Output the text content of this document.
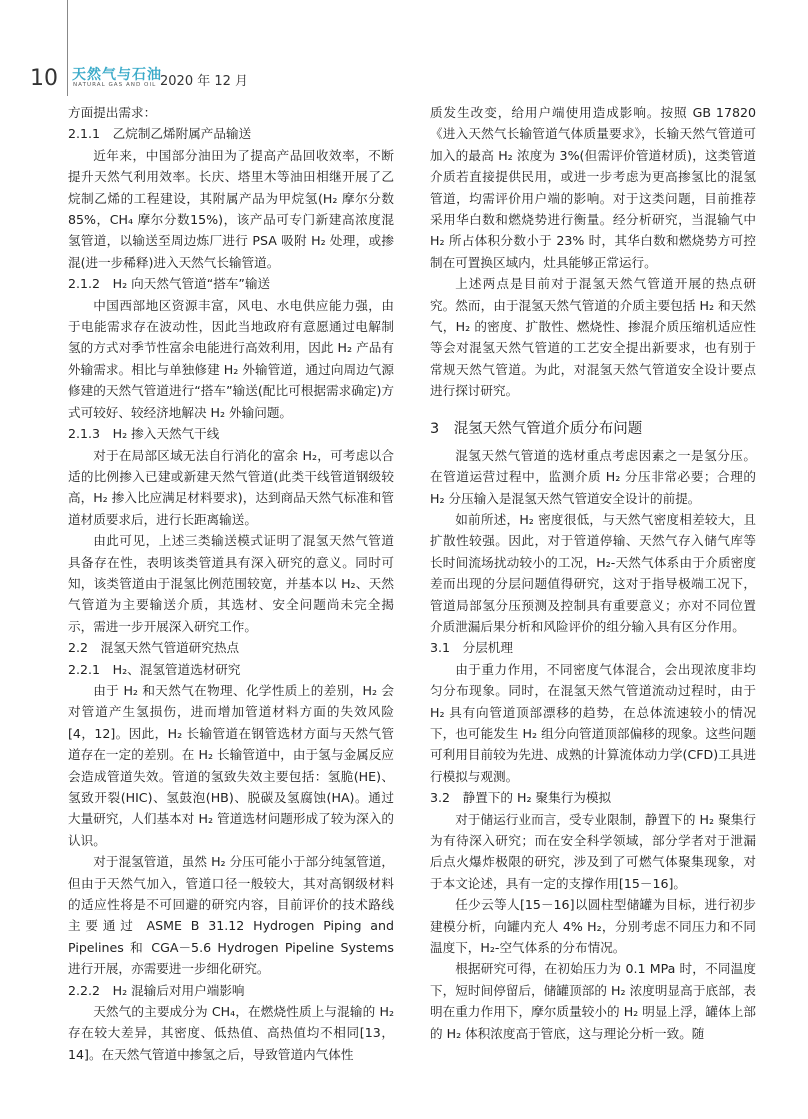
10 天然气与石油
NATURAL GAS AND OIL 2020 年 12 月

方面提出需求：

2.1.1　乙烷制乙烯附属产品输送

近年来，中国部分油田为了提高产品回收效率，不断提升天然气利用效率。长庆、塔里木等油田相继开展了乙烷制乙烯的工程建设，其附属产品为甲烷氢(H₂ 摩尔分数85%，CH₄ 摩尔分数15%)，该产品可专门新建高浓度混氢管道，以输送至周边炼厂进行 PSA 吸附 H₂ 处理，或掺混(进一步稀释)进入天然气长输管道。

2.1.2　H₂ 向天然气管道“搭车”输送

中国西部地区资源丰富，风电、水电供应能力强，由于电能需求存在波动性，因此当地政府有意愿通过电解制氢的方式对季节性富余电能进行高效利用，因此 H₂ 产品有外输需求。相比与单独修建 H₂ 外输管道，通过向周边气源修建的天然气管道进行“搭车”输送(配比可根据需求确定)方式可较好、较经济地解决 H₂ 外输问题。

2.1.3　H₂ 掺入天然气干线

对于在局部区域无法自行消化的富余 H₂，可考虑以合适的比例掺入已建或新建天然气管道(此类干线管道钢级较高，H₂ 掺入比应满足材料要求)，达到商品天然气标准和管道材质要求后，进行长距离输送。

由此可见，上述三类输送模式证明了混氢天然气管道具备存在性，表明该类管道具有深入研究的意义。同时可知，该类管道由于混氢比例范围较宽，并基本以 H₂、天然气管道为主要输送介质，其选材、安全问题尚未完全揭示，需进一步开展深入研究工作。

2.2　混氢天然气管道研究热点
2.2.1　H₂、混氢管道选材研究

由于 H₂ 和天然气在物理、化学性质上的差别，H₂ 会对管道产生氢损伤，进而增加管道材料方面的失效风险[4，12]。因此，H₂ 长输管道在钢管选材方面与天然气管道存在一定的差别。在 H₂ 长输管道中，由于氢与金属反应会造成管道失效。管道的氢致失效主要包括：氢脆(HE)、氢致开裂(HIC)、氢鼓泡(HB)、脱碳及氢腐蚀(HA)。通过大量研究，人们基本对 H₂ 管道选材问题形成了较为深入的认识。

对于混氢管道，虽然 H₂ 分压可能小于部分纯氢管道，但由于天然气加入，管道口径一般较大，其对高钢级材料的适应性将是不可回避的研究内容，目前评价的技术路线主要通过 ASME B 31.12 Hydrogen Piping and Pipelines 和 CGA－5.6 Hydrogen Pipeline Systems 进行开展，亦需要进一步细化研究。

2.2.2　H₂ 混输后对用户端影响

天然气的主要成分为 CH₄，在燃烧性质上与混输的 H₂ 存在较大差异，其密度、低热值、高热值均不相同[13，14]。在天然气管道中掺氢之后，导致管道内气体性

质发生改变，给用户端使用造成影响。按照 GB 17820《进入天然气长输管道气体质量要求》，长输天然气管道可加入的最高 H₂ 浓度为 3%(但需评价管道材质)，这类管道介质若直接提供民用，或进一步考虑为更高掺氢比的混氢管道，均需评价用户端的影响。对于这类问题，目前推荐采用华白数和燃烧势进行衡量。经分析研究，当混输气中 H₂ 所占体积分数小于 23% 时，其华白数和燃烧势方可控制在可置换区域内，灶具能够正常运行。

上述两点是目前对于混氢天然气管道开展的热点研究。然而，由于混氢天然气管道的介质主要包括 H₂ 和天然气，H₂ 的密度、扩散性、燃烧性、掺混介质压缩机适应性等会对混氢天然气管道的工艺安全提出新要求，也有别于常规天然气管道。为此，对混氢天然气管道安全设计要点进行探讨研究。

3　混氢天然气管道介质分布问题

混氢天然气管道的选材重点考虑因素之一是氢分压。在管道运营过程中，监测介质 H₂ 分压非常必要；合理的 H₂ 分压输入是混氢天然气管道安全设计的前提。

如前所述，H₂ 密度很低，与天然气密度相差较大，且扩散性较强。因此，对于管道停输、天然气存入储气库等长时间流场扰动较小的工况，H₂-天然气体系由于介质密度差而出现的分层问题值得研究，这对于指导极端工况下，管道局部氢分压预测及控制具有重要意义；亦对不同位置介质泄漏后果分析和风险评价的组分输入具有区分作用。

3.1　分层机理

由于重力作用，不同密度气体混合，会出现浓度非均匀分布现象。同时，在混氢天然气管道流动过程时，由于 H₂ 具有向管道顶部漂移的趋势，在总体流速较小的情况下，也可能发生 H₂ 组分向管道顶部偏移的现象。这些问题可利用目前较为先进、成熟的计算流体动力学(CFD)工具进行模拟与观测。

3.2　静置下的 H₂ 聚集行为模拟

对于储运行业而言，受专业限制，静置下的 H₂ 聚集行为有待深入研究；而在安全科学领域，部分学者对于泄漏后点火爆炸极限的研究，涉及到了可燃气体聚集现象，对于本文论述，具有一定的支撑作用[15－16]。

任少云等人[15－16]以圆柱型储罐为目标，进行初步建模分析，向罐内充人 4% H₂，分别考虑不同压力和不同温度下，H₂-空气体系的分布情况。

根据研究可得，在初始压力为 0.1 MPa 时，不同温度下，短时间停留后，储罐顶部的 H₂ 浓度明显高于底部，表明在重力作用下，摩尔质量较小的 H₂ 明显上浮，罐体上部的 H₂ 体积浓度高于管底，这与理论分析一致。随
